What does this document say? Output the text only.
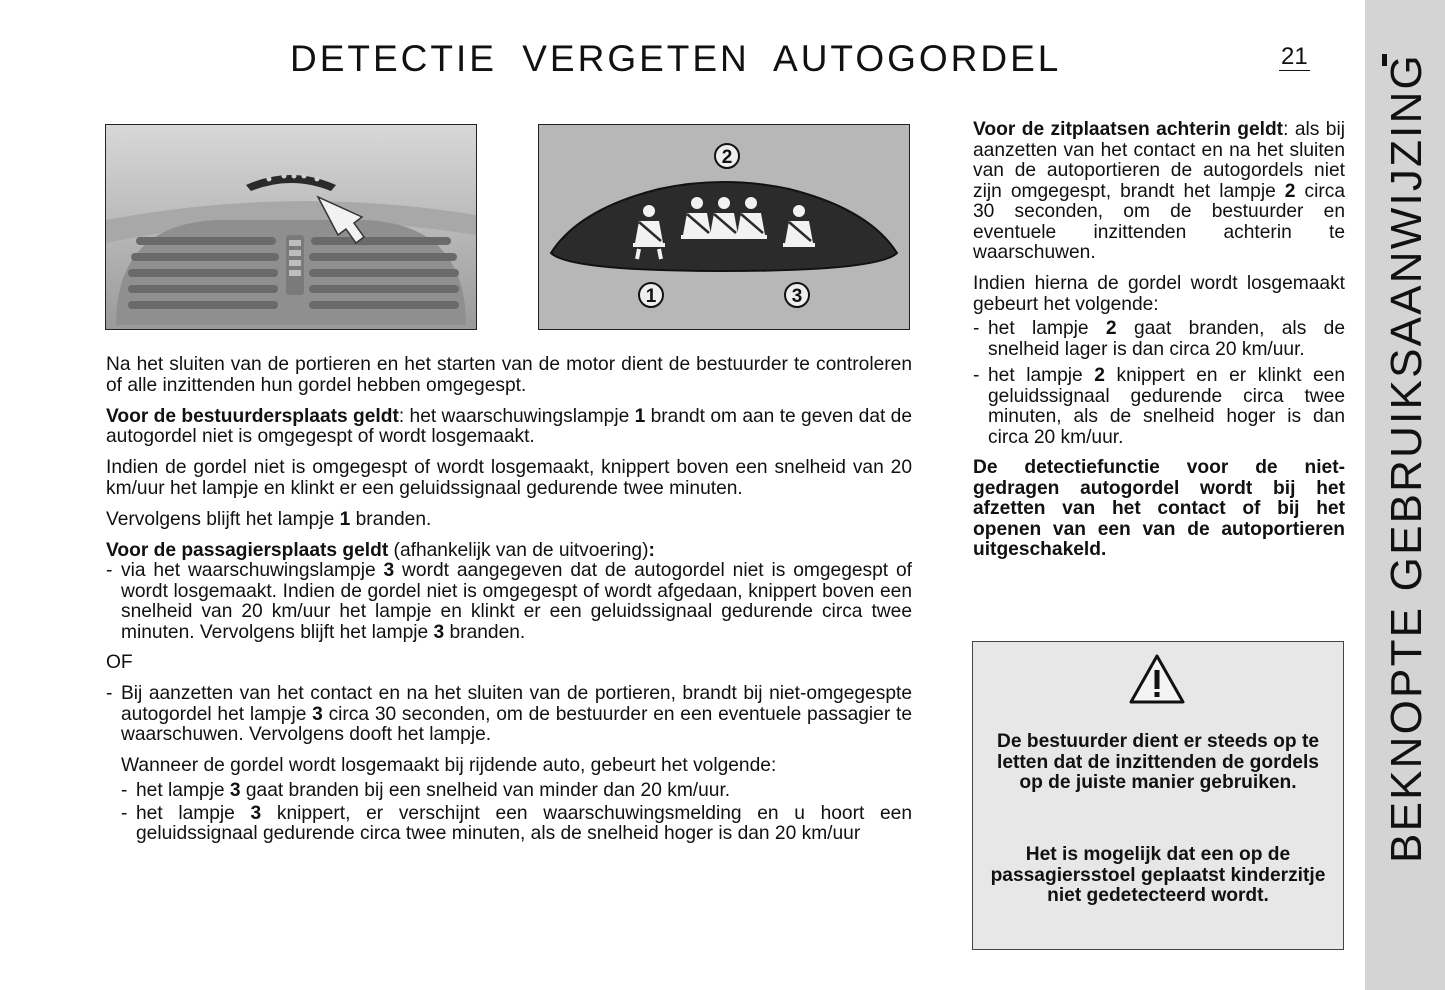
DETECTIE VERGETEN AUTOGORDEL	21 BEKNOPTE GEBRUIKSAANWIJZING
2
1	3

Na het sluiten van de portieren en het starten van de motor dient de bestuurder te controleren of alle inzittenden hun gordel hebben omgegespt.

Voor de bestuurdersplaats geldt: het waarschuwingslampje 1 brandt om aan te geven dat de autogordel niet is omgegespt of wordt losgemaakt.

Indien de gordel niet is omgegespt of wordt losgemaakt, knippert boven een snelheid van 20 km/uur het lampje en klinkt er een geluidssignaal gedurende twee minuten.

Vervolgens blijft het lampje 1 branden.

Voor de passagiersplaats geldt (afhankelijk van de uitvoering):

- via het waarschuwingslampje 3 wordt aangegeven dat de autogordel niet is omgegespt of wordt losgemaakt. Indien de gordel niet is omgegespt of wordt afgedaan, knippert boven een snelheid van 20 km/uur het lampje en klinkt er een geluidssignaal gedurende circa twee minuten. Vervolgens blijft het lampje 3 branden.

OF

- Bij aanzetten van het contact en na het sluiten van de portieren, brandt bij niet-omgegespte autogordel het lampje 3 circa 30 seconden, om de bestuurder en een eventuele passagier te waarschuwen. Vervolgens dooft het lampje.

Wanneer de gordel wordt losgemaakt bij rijdende auto, gebeurt het volgende:

- het lampje 3 gaat branden bij een snelheid van minder dan 20 km/uur.
- het lampje 3 knippert, er verschijnt een waarschuwingsmelding en u hoort een geluidssignaal gedurende circa twee minuten, als de snelheid hoger is dan 20 km/uur

Voor de zitplaatsen achterin geldt: als bij aanzetten van het contact en na het sluiten van de autoportieren de autogordels niet zijn omgegespt, brandt het lampje 2 circa 30 seconden, om de bestuurder en eventuele inzittenden achterin te waarschuwen.

Indien hierna de gordel wordt losgemaakt gebeurt het volgende:

- het lampje 2 gaat branden, als de snelheid lager is dan circa 20 km/uur.
- het lampje 2 knippert en er klinkt een geluidssignaal gedurende circa twee minuten, als de snelheid hoger is dan circa 20 km/uur.

De detectiefunctie voor de niet-gedragen autogordel wordt bij het afzetten van het contact of bij het openen van een van de autoportieren uitgeschakeld.

De bestuurder dient er steeds op te letten dat de inzittenden de gordels op de juiste manier gebruiken.
Het is mogelijk dat een op de passagiersstoel geplaatst kinderzitje niet gedetecteerd wordt.
